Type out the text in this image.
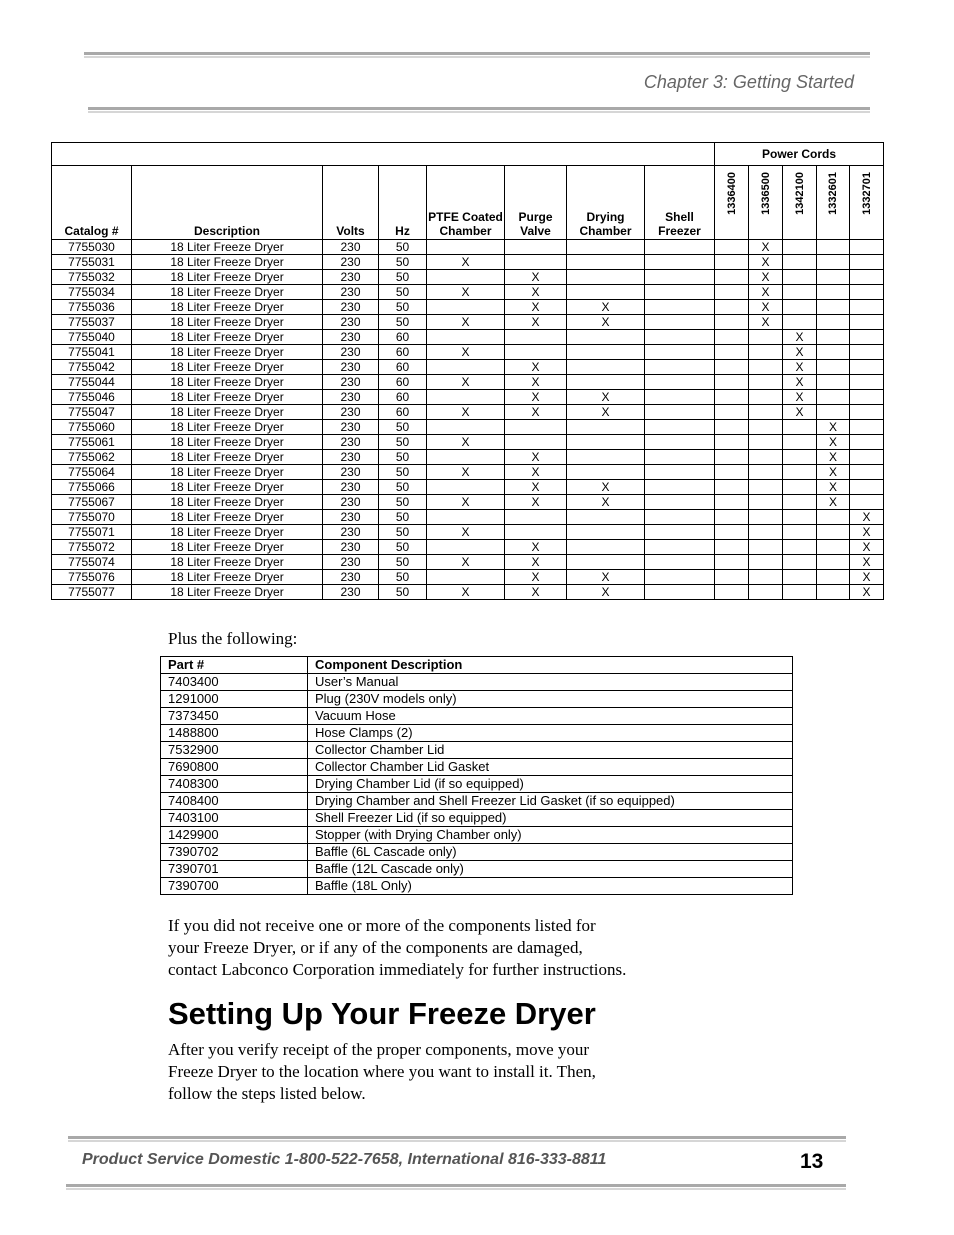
Chapter 3: Getting Started
								Power Cords				
Catalog #	Description	Volts	Hz	PTFE Coated Chamber	Purge Valve	Drying Chamber	Shell Freezer	1336400	1336500	1342100	1332601	1332701
7755030	18 Liter Freeze Dryer	230	50						X			
7755031	18 Liter Freeze Dryer	230	50	X					X			
7755032	18 Liter Freeze Dryer	230	50		X				X			
7755034	18 Liter Freeze Dryer	230	50	X	X				X			
7755036	18 Liter Freeze Dryer	230	50		X	X			X			
7755037	18 Liter Freeze Dryer	230	50	X	X	X			X			
7755040	18 Liter Freeze Dryer	230	60							X		
7755041	18 Liter Freeze Dryer	230	60	X						X		
7755042	18 Liter Freeze Dryer	230	60		X					X		
7755044	18 Liter Freeze Dryer	230	60	X	X					X		
7755046	18 Liter Freeze Dryer	230	60		X	X				X		
7755047	18 Liter Freeze Dryer	230	60	X	X	X				X		
7755060	18 Liter Freeze Dryer	230	50								X	
7755061	18 Liter Freeze Dryer	230	50	X							X	
7755062	18 Liter Freeze Dryer	230	50		X						X	
7755064	18 Liter Freeze Dryer	230	50	X	X						X	
7755066	18 Liter Freeze Dryer	230	50		X	X					X	
7755067	18 Liter Freeze Dryer	230	50	X	X	X					X	
7755070	18 Liter Freeze Dryer	230	50									X
7755071	18 Liter Freeze Dryer	230	50	X								X
7755072	18 Liter Freeze Dryer	230	50		X							X
7755074	18 Liter Freeze Dryer	230	50	X	X							X
7755076	18 Liter Freeze Dryer	230	50		X	X						X
7755077	18 Liter Freeze Dryer	230	50	X	X	X						X
Plus the following:
Part #	Component Description
7403400	User’s Manual
1291000	Plug (230V models only)
7373450	Vacuum Hose
1488800	Hose Clamps (2)
7532900	Collector Chamber Lid
7690800	Collector Chamber Lid Gasket
7408300	Drying Chamber Lid (if so equipped)
7408400	Drying Chamber and Shell Freezer Lid Gasket (if so equipped)
7403100	Shell Freezer Lid (if so equipped)
1429900	Stopper (with Drying Chamber only)
7390702	Baffle (6L Cascade only)
7390701	Baffle (12L Cascade only)
7390700	Baffle (18L Only)
If you did not receive one or more of the components listed for
your Freeze Dryer, or if any of the components are damaged,
contact Labconco Corporation immediately for further instructions.
Setting Up Your Freeze Dryer
After you verify receipt of the proper components, move your
Freeze Dryer to the location where you want to install it. Then,
follow the steps listed below.
Product Service Domestic 1-800-522-7658, International 816-333-8811	13
